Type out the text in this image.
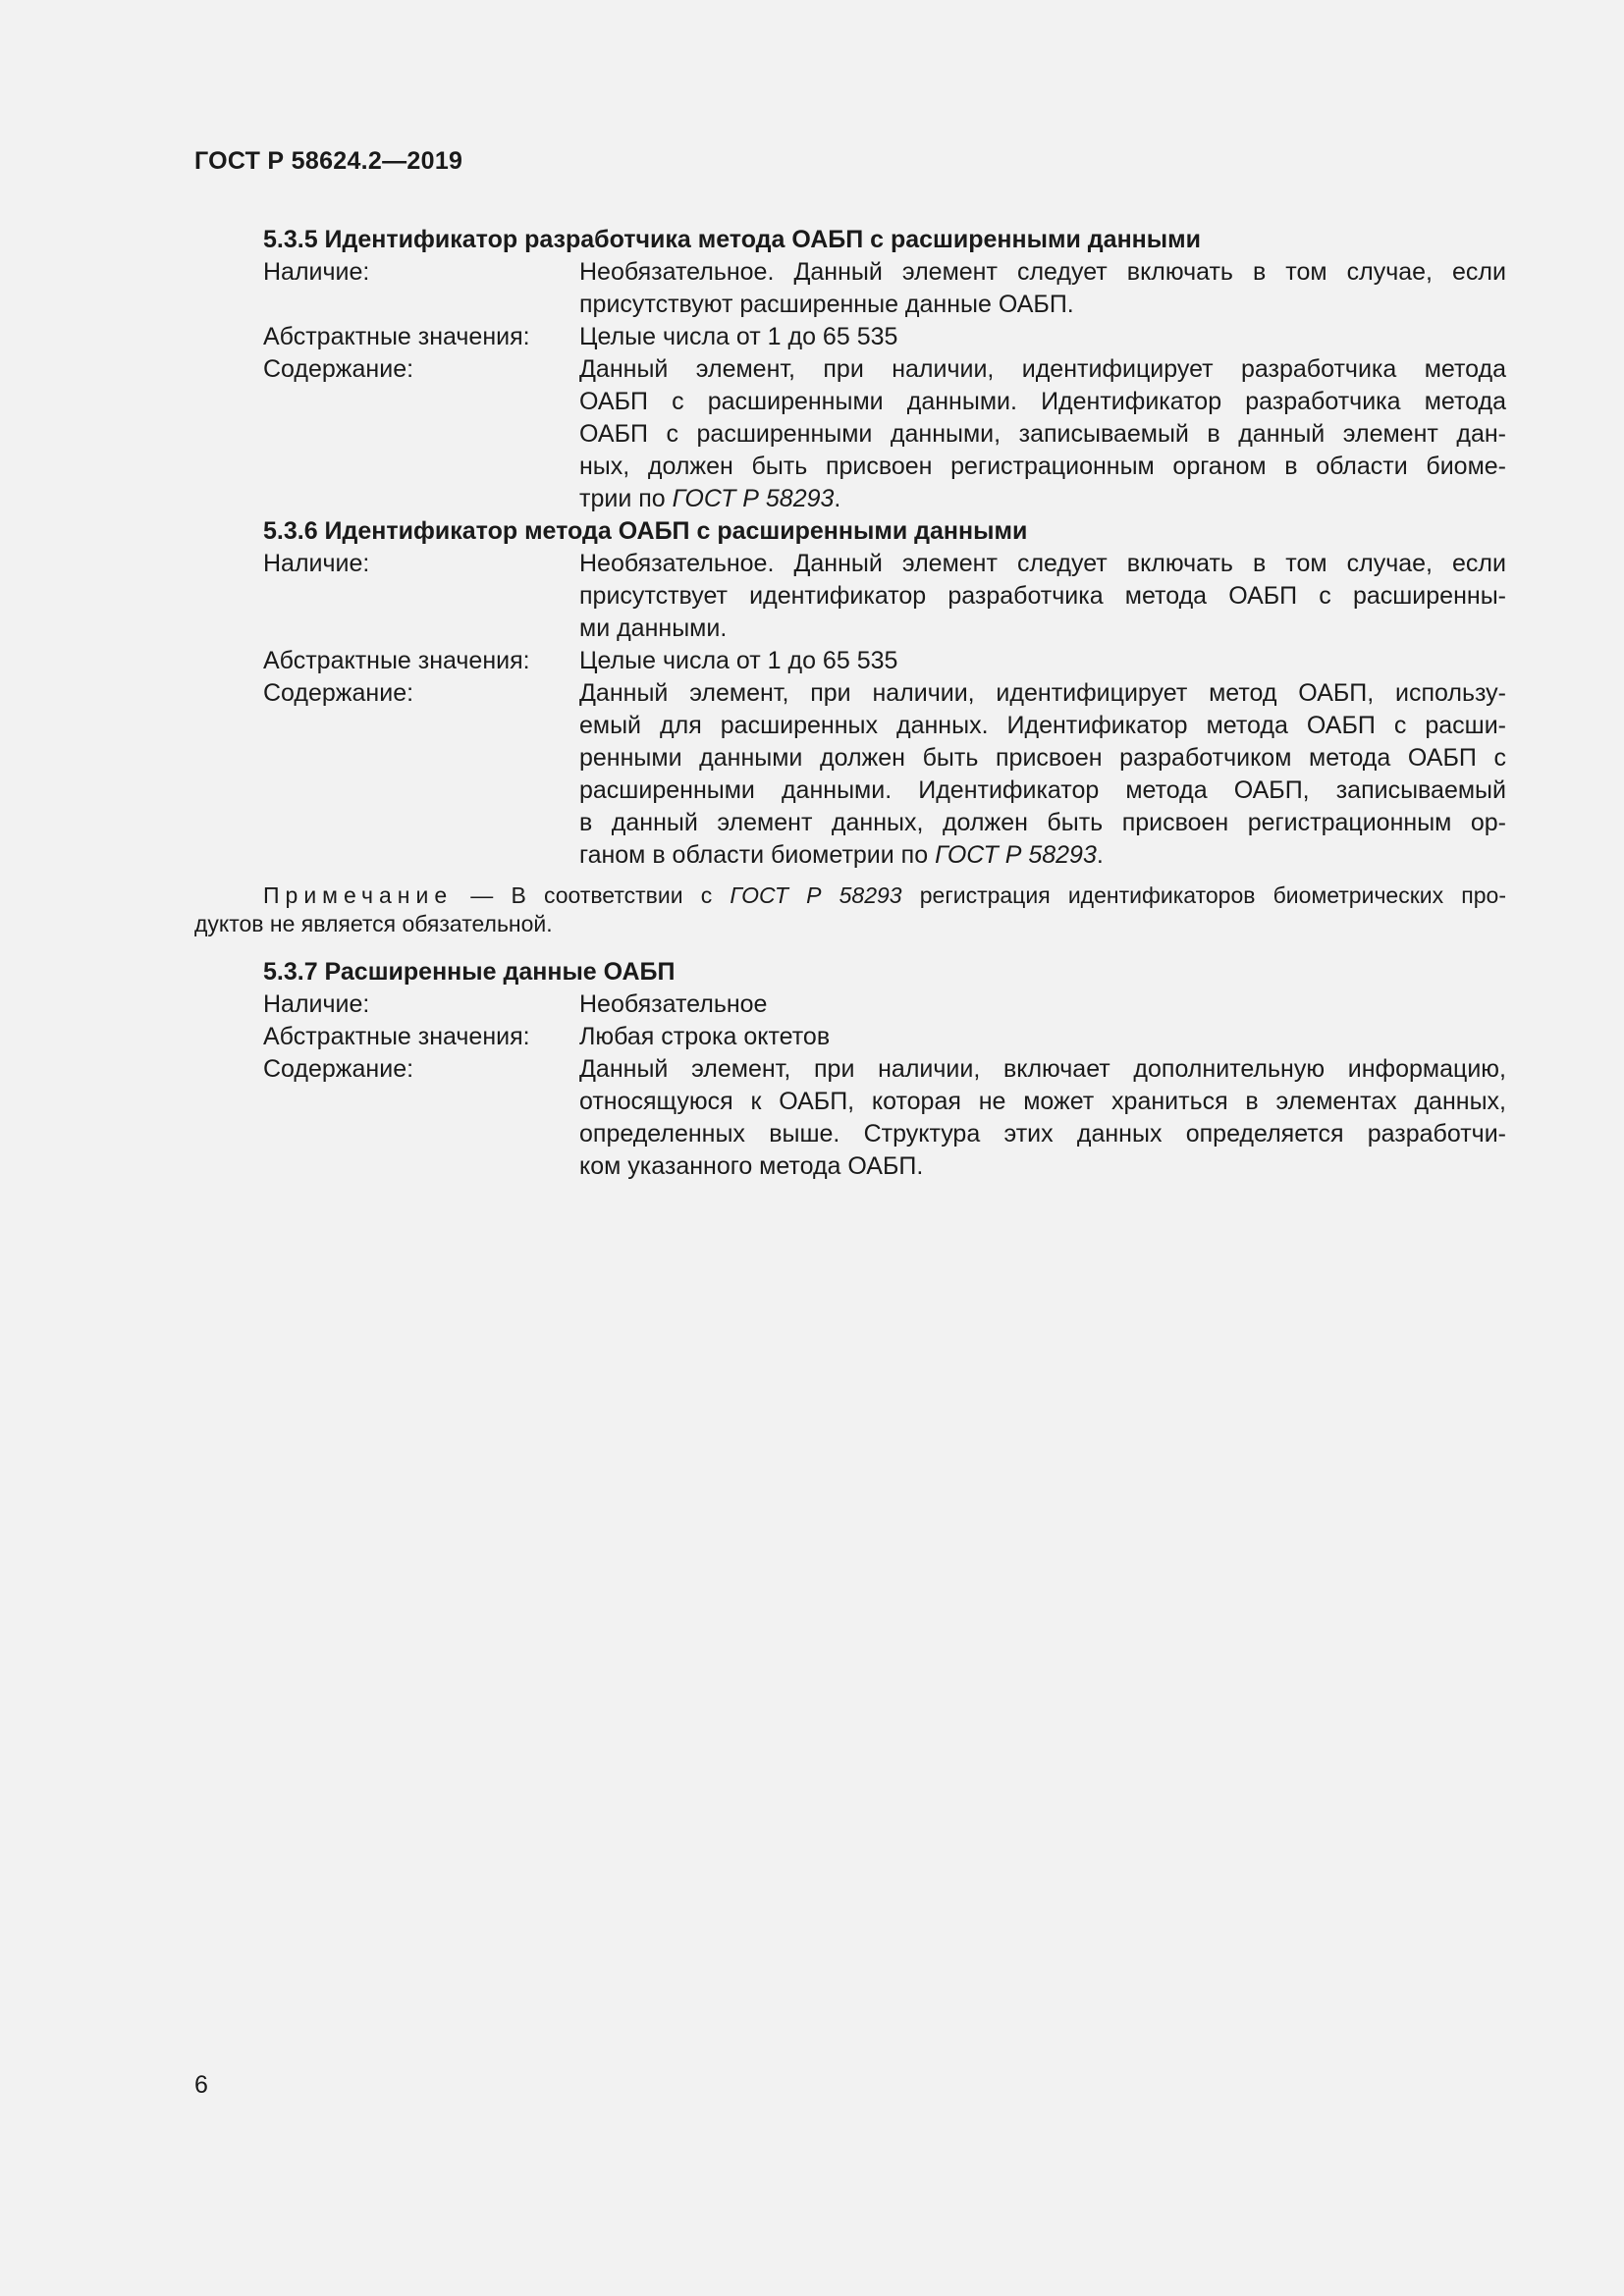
ГОСТ Р 58624.2—2019
5.3.5 Идентификатор разработчика метода ОАБП с расширенными данными
Наличие:	Необязательное. Данный элемент следует включать в том случае, если
присутствуют расширенные данные ОАБП.
Абстрактные значения:	Целые числа от 1 до 65 535
Содержание:	Данный элемент, при наличии, идентифицирует разработчика метода
ОАБП с расширенными данными. Идентификатор разработчика метода
ОАБП с расширенными данными, записываемый в данный элемент дан-
ных, должен быть присвоен регистрационным органом в области биоме-
трии по ГОСТ Р 58293.
5.3.6 Идентификатор метода ОАБП с расширенными данными
Наличие:	Необязательное. Данный элемент следует включать в том случае, если
присутствует идентификатор разработчика метода ОАБП с расширенны-
ми данными.
Абстрактные значения:	Целые числа от 1 до 65 535
Содержание:	Данный элемент, при наличии, идентифицирует метод ОАБП, использу-
емый для расширенных данных. Идентификатор метода ОАБП с расши-
ренными данными должен быть присвоен разработчиком метода ОАБП с
расширенными данными. Идентификатор метода ОАБП, записываемый
в данный элемент данных, должен быть присвоен регистрационным ор-
ганом в области биометрии по ГОСТ Р 58293.
Примечание — В соответствии с ГОСТ Р 58293 регистрация идентификаторов биометрических про-
дуктов не является обязательной.
5.3.7 Расширенные данные ОАБП
Наличие:	Необязательное
Абстрактные значения:	Любая строка октетов
Содержание:	Данный элемент, при наличии, включает дополнительную информацию,
относящуюся к ОАБП, которая не может храниться в элементах данных,
определенных выше. Структура этих данных определяется разработчи-
ком указанного метода ОАБП.
6
